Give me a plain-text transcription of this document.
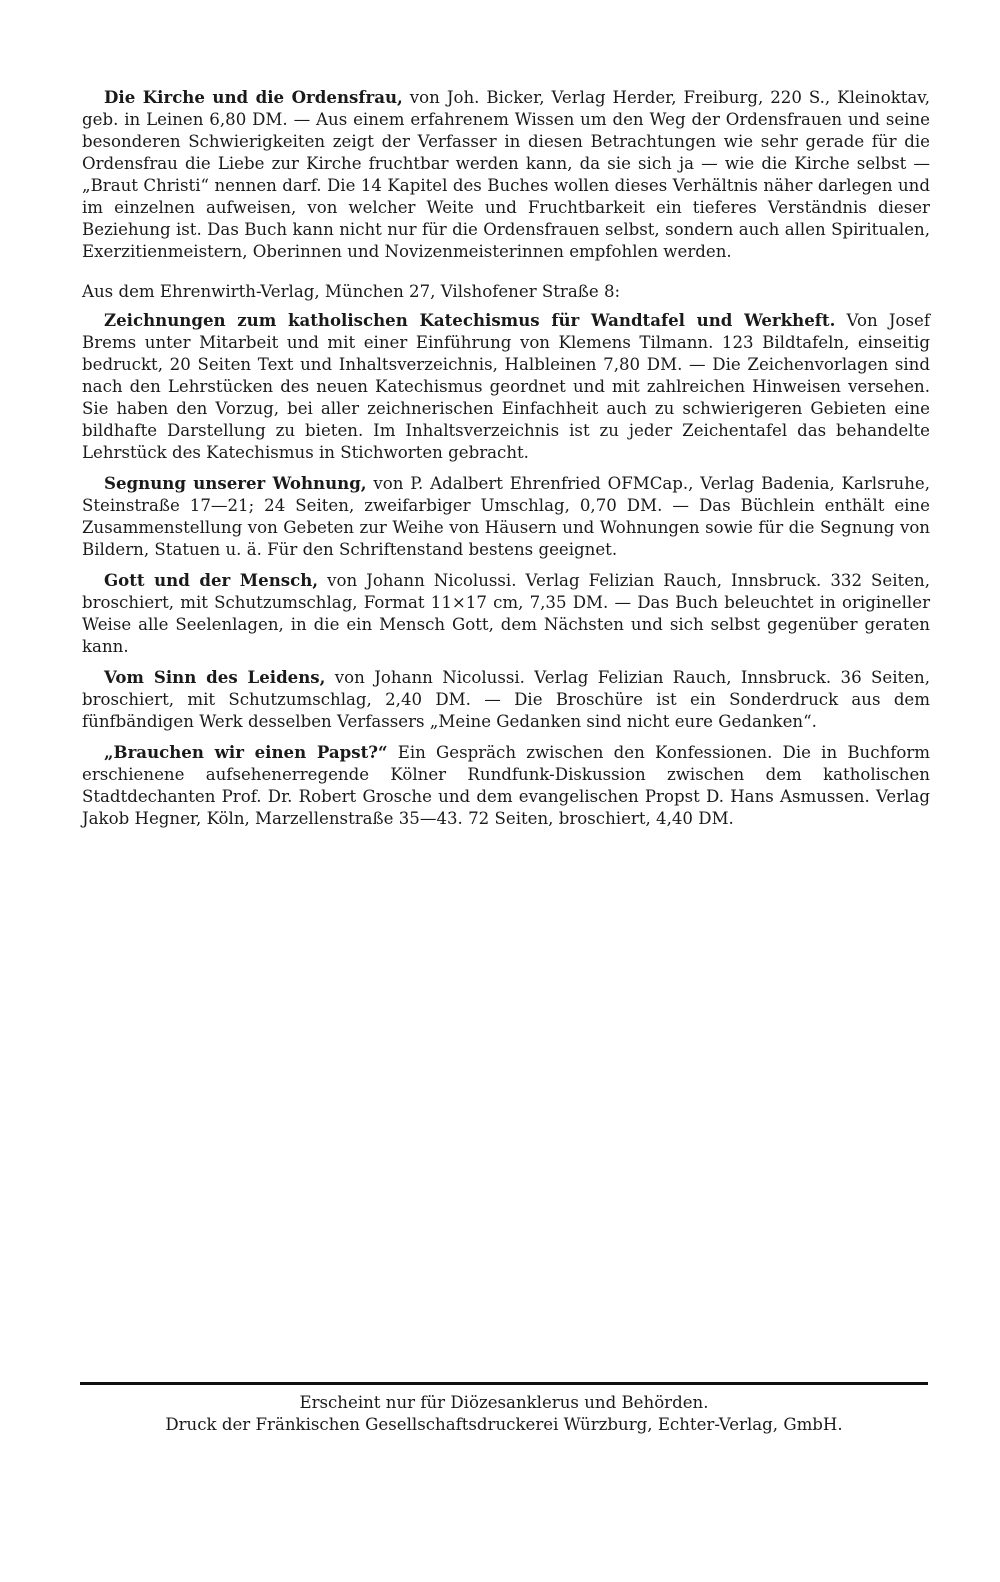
Die Kirche und die Ordensfrau, von Joh. Bicker, Verlag Herder, Freiburg, 220 S., Kleinoktav, geb. in Leinen 6,80 DM. — Aus einem erfahrenem Wissen um den Weg der Ordensfrauen und seine besonderen Schwierigkeiten zeigt der Verfasser in diesen Betrachtungen wie sehr gerade für die Ordensfrau die Liebe zur Kirche fruchtbar werden kann, da sie sich ja — wie die Kirche selbst — „Braut Christi“ nennen darf. Die 14 Kapitel des Buches wollen dieses Verhältnis näher darlegen und im einzelnen aufweisen, von welcher Weite und Fruchtbarkeit ein tieferes Verständnis dieser Beziehung ist. Das Buch kann nicht nur für die Ordensfrauen selbst, sondern auch allen Spiritualen, Exerzitienmeistern, Oberinnen und Novizenmeisterinnen empfohlen werden.

Aus dem Ehrenwirth-Verlag, München 27, Vilshofener Straße 8:

Zeichnungen zum katholischen Katechismus für Wandtafel und Werkheft. Von Josef Brems unter Mitarbeit und mit einer Einführung von Klemens Tilmann. 123 Bildtafeln, einseitig bedruckt, 20 Seiten Text und Inhaltsverzeichnis, Halbleinen 7,80 DM. — Die Zeichenvorlagen sind nach den Lehrstücken des neuen Katechismus geordnet und mit zahlreichen Hinweisen versehen. Sie haben den Vorzug, bei aller zeichnerischen Einfachheit auch zu schwierigeren Gebieten eine bildhafte Darstellung zu bieten. Im Inhaltsverzeichnis ist zu jeder Zeichentafel das behandelte Lehrstück des Katechismus in Stichworten gebracht.

Segnung unserer Wohnung, von P. Adalbert Ehrenfried OFMCap., Verlag Badenia, Karlsruhe, Steinstraße 17—21; 24 Seiten, zweifarbiger Umschlag, 0,70 DM. — Das Büchlein enthält eine Zusammenstellung von Gebeten zur Weihe von Häusern und Wohnungen sowie für die Segnung von Bildern, Statuen u. ä. Für den Schriftenstand bestens geeignet.

Gott und der Mensch, von Johann Nicolussi. Verlag Felizian Rauch, Innsbruck. 332 Seiten, broschiert, mit Schutzumschlag, Format 11×17 cm, 7,35 DM. — Das Buch beleuchtet in origineller Weise alle Seelenlagen, in die ein Mensch Gott, dem Nächsten und sich selbst gegenüber geraten kann.

Vom Sinn des Leidens, von Johann Nicolussi. Verlag Felizian Rauch, Innsbruck. 36 Seiten, broschiert, mit Schutzumschlag, 2,40 DM. — Die Broschüre ist ein Sonderdruck aus dem fünfbändigen Werk desselben Verfassers „Meine Gedanken sind nicht eure Gedanken“.

„Brauchen wir einen Papst?“ Ein Gespräch zwischen den Konfessionen. Die in Buchform erschienene aufsehenerregende Kölner Rundfunk-Diskussion zwischen dem katholischen Stadtdechanten Prof. Dr. Robert Grosche und dem evangelischen Propst D. Hans Asmussen. Verlag Jakob Hegner, Köln, Marzellenstraße 35—43. 72 Seiten, broschiert, 4,40 DM.

Erscheint nur für Diözesanklerus und Behörden.
Druck der Fränkischen Gesellschaftsdruckerei Würzburg, Echter-Verlag, GmbH.
